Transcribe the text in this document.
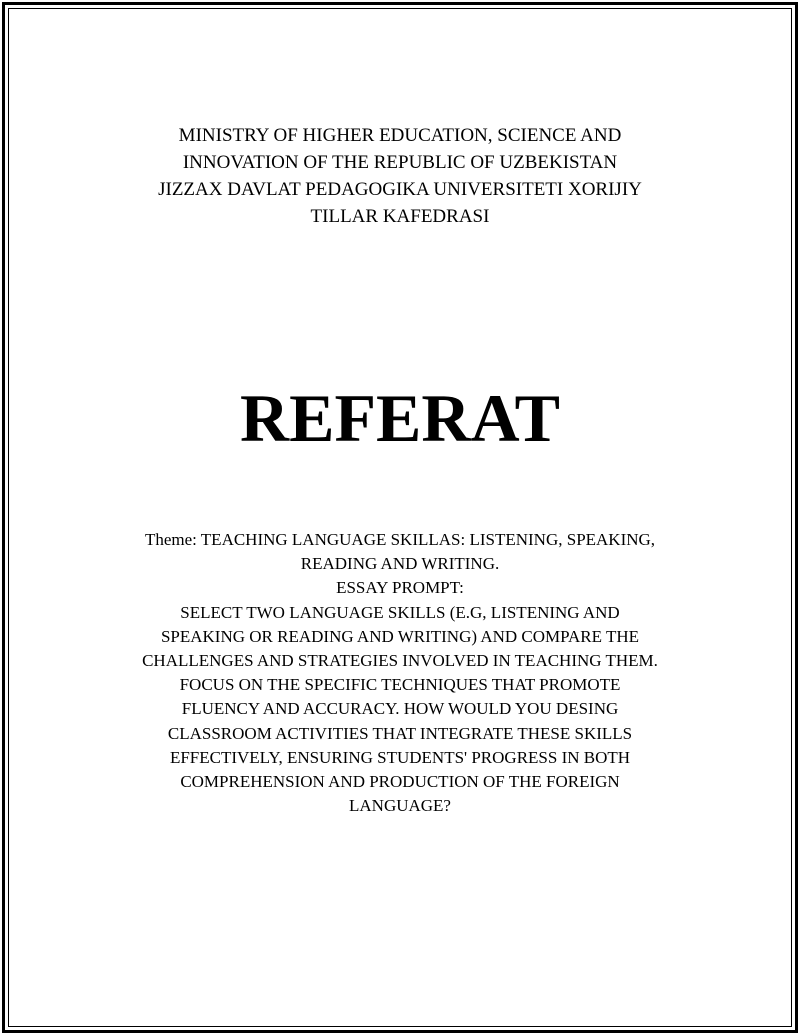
MINISTRY OF HIGHER EDUCATION, SCIENCE AND
INNOVATION OF THE REPUBLIC OF UZBEKISTAN
JIZZAX DAVLAT PEDAGOGIKA UNIVERSITETI XORIJIY
TILLAR KAFEDRASI
REFERAT
Theme: TEACHING LANGUAGE SKILLAS: LISTENING, SPEAKING,
READING AND WRITING.
ESSAY PROMPT:
SELECT TWO LANGUAGE SKILLS (E.G, LISTENING AND
SPEAKING OR READING AND WRITING) AND COMPARE THE
CHALLENGES AND STRATEGIES INVOLVED IN TEACHING THEM.
FOCUS ON THE SPECIFIC TECHNIQUES THAT PROMOTE
FLUENCY AND ACCURACY. HOW WOULD YOU DESING
CLASSROOM ACTIVITIES THAT INTEGRATE THESE SKILLS
EFFECTIVELY, ENSURING STUDENTS' PROGRESS IN BOTH
COMPREHENSION AND PRODUCTION OF THE FOREIGN
LANGUAGE?
